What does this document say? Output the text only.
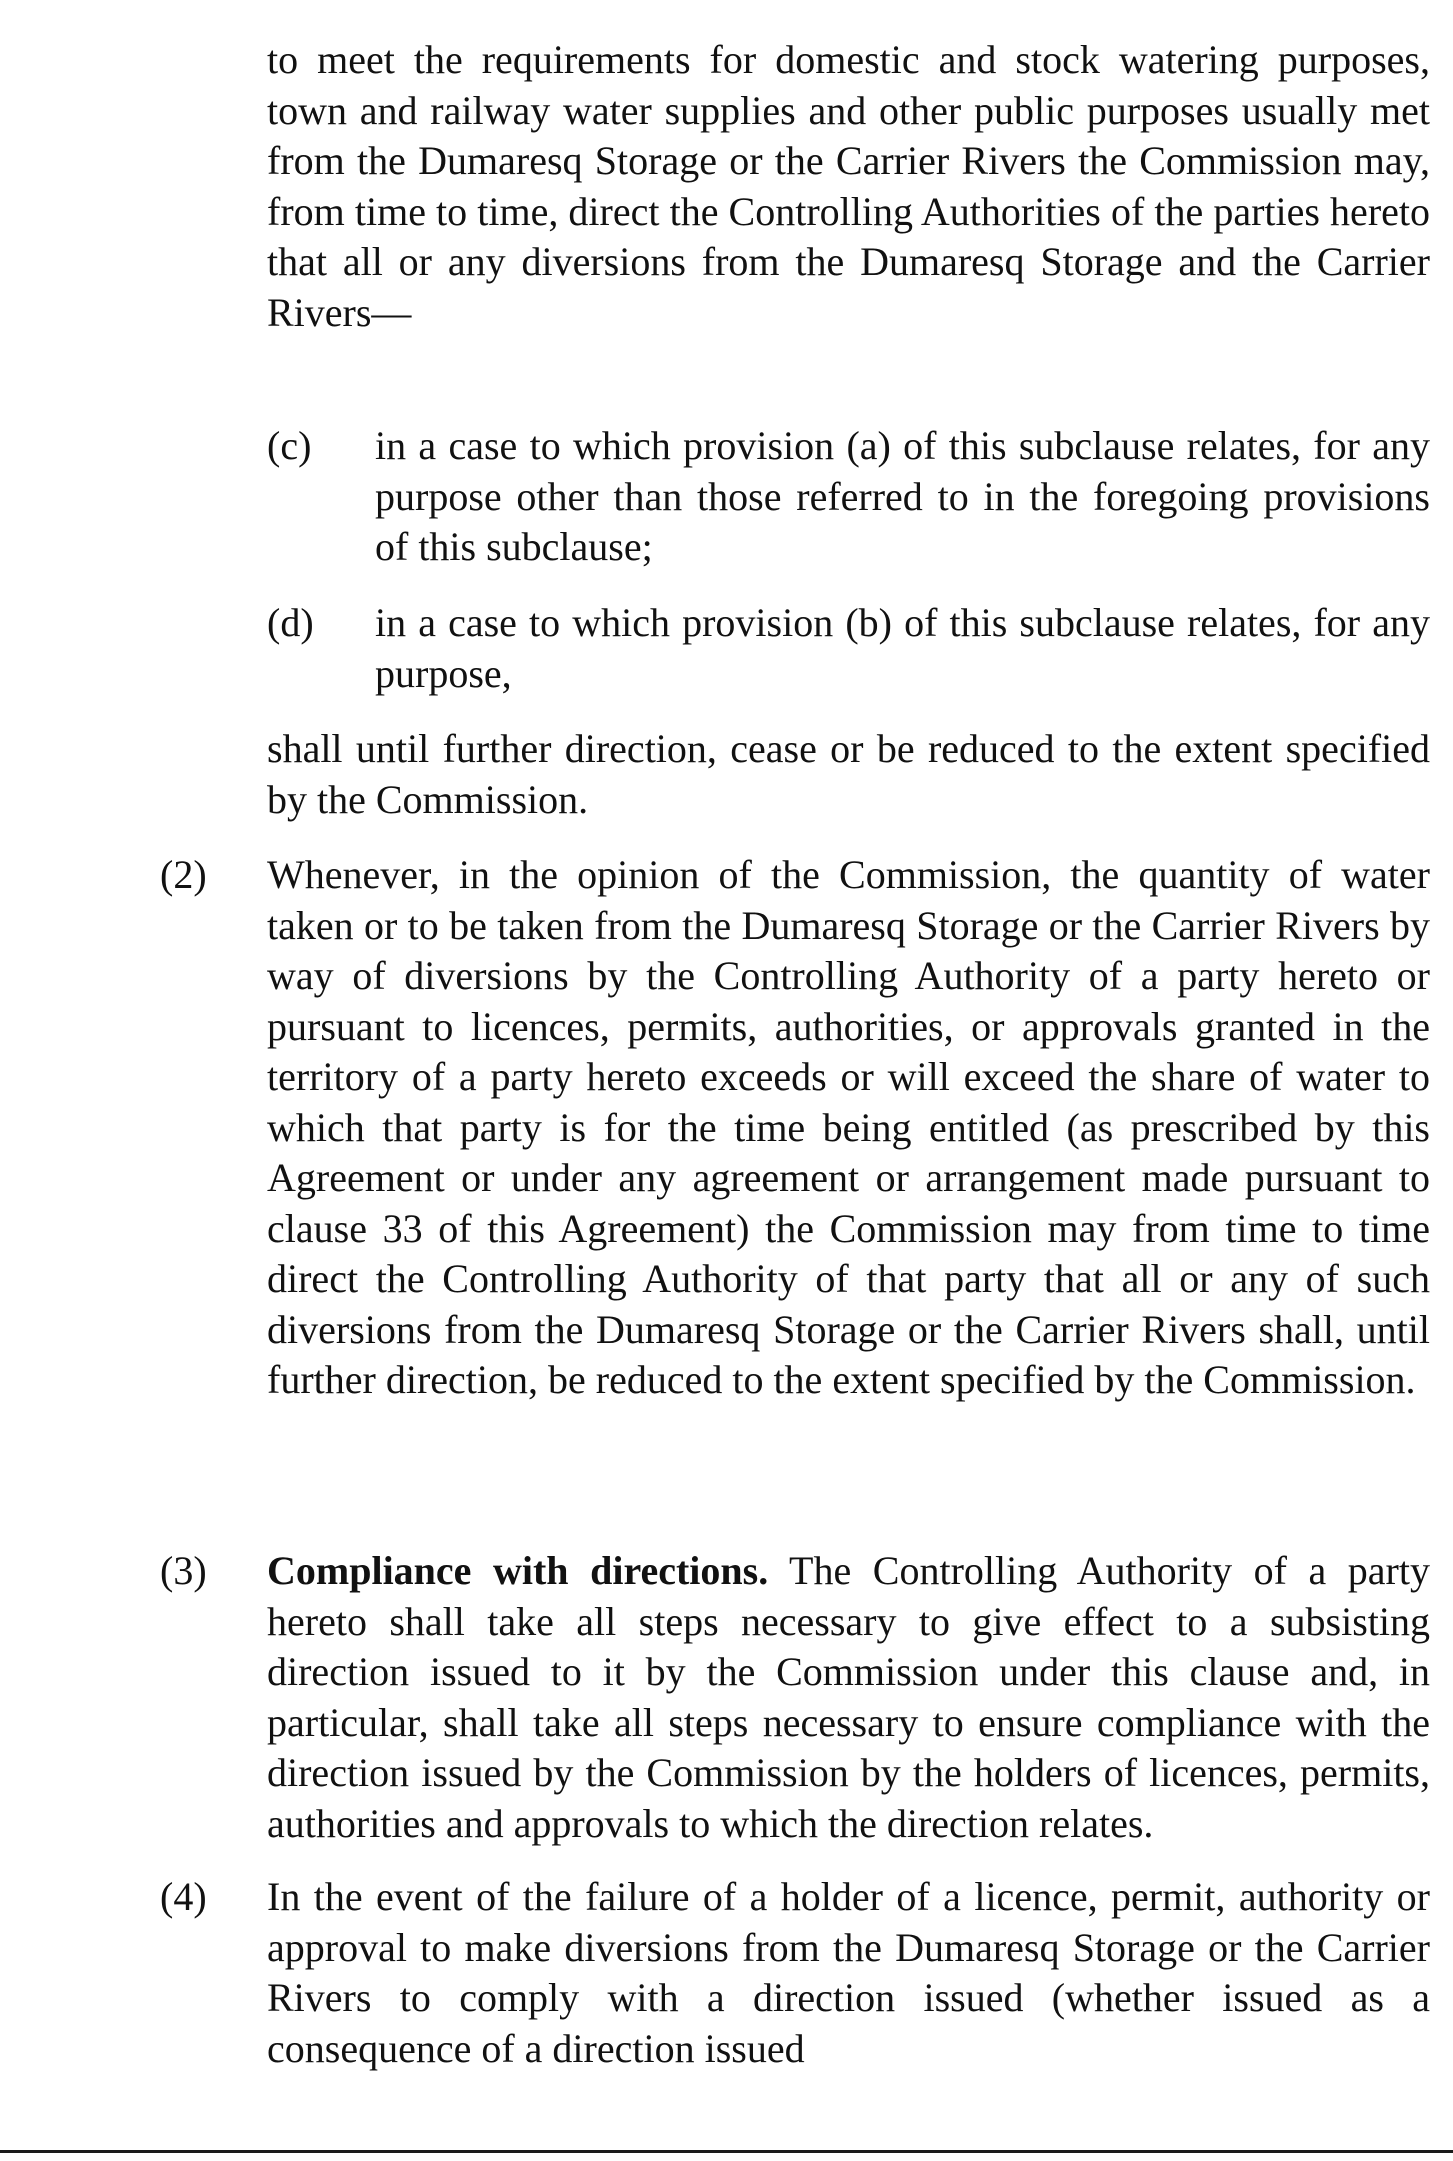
to meet the requirements for domestic and stock watering purposes, town and railway water supplies and other public purposes usually met from the Dumaresq Storage or the Carrier Rivers the Commission may, from time to time, direct the Controlling Authorities of the parties hereto that all or any diversions from the Dumaresq Storage and the Carrier Rivers—

(c) in a case to which provision (a) of this subclause relates, for any purpose other than those referred to in the foregoing provisions of this subclause;

(d) in a case to which provision (b) of this subclause relates, for any purpose,

shall until further direction, cease or be reduced to the extent specified by the Commission.

(2) Whenever, in the opinion of the Commission, the quantity of water taken or to be taken from the Dumaresq Storage or the Carrier Rivers by way of diversions by the Controlling Authority of a party hereto or pursuant to licences, permits, authorities, or approvals granted in the territory of a party hereto exceeds or will exceed the share of water to which that party is for the time being entitled (as prescribed by this Agreement or under any agreement or arrangement made pursuant to clause 33 of this Agreement) the Commission may from time to time direct the Controlling Authority of that party that all or any of such diversions from the Dumaresq Storage or the Carrier Rivers shall, until further direction, be reduced to the extent specified by the Commission.

(3) Compliance with directions. The Controlling Authority of a party hereto shall take all steps necessary to give effect to a subsisting direction issued to it by the Commission under this clause and, in particular, shall take all steps necessary to ensure compliance with the direction issued by the Commission by the holders of licences, permits, authorities and approvals to which the direction relates.

(4) In the event of the failure of a holder of a licence, permit, authority or approval to make diversions from the Dumaresq Storage or the Carrier Rivers to comply with a direction issued (whether issued as a consequence of a direction issued
